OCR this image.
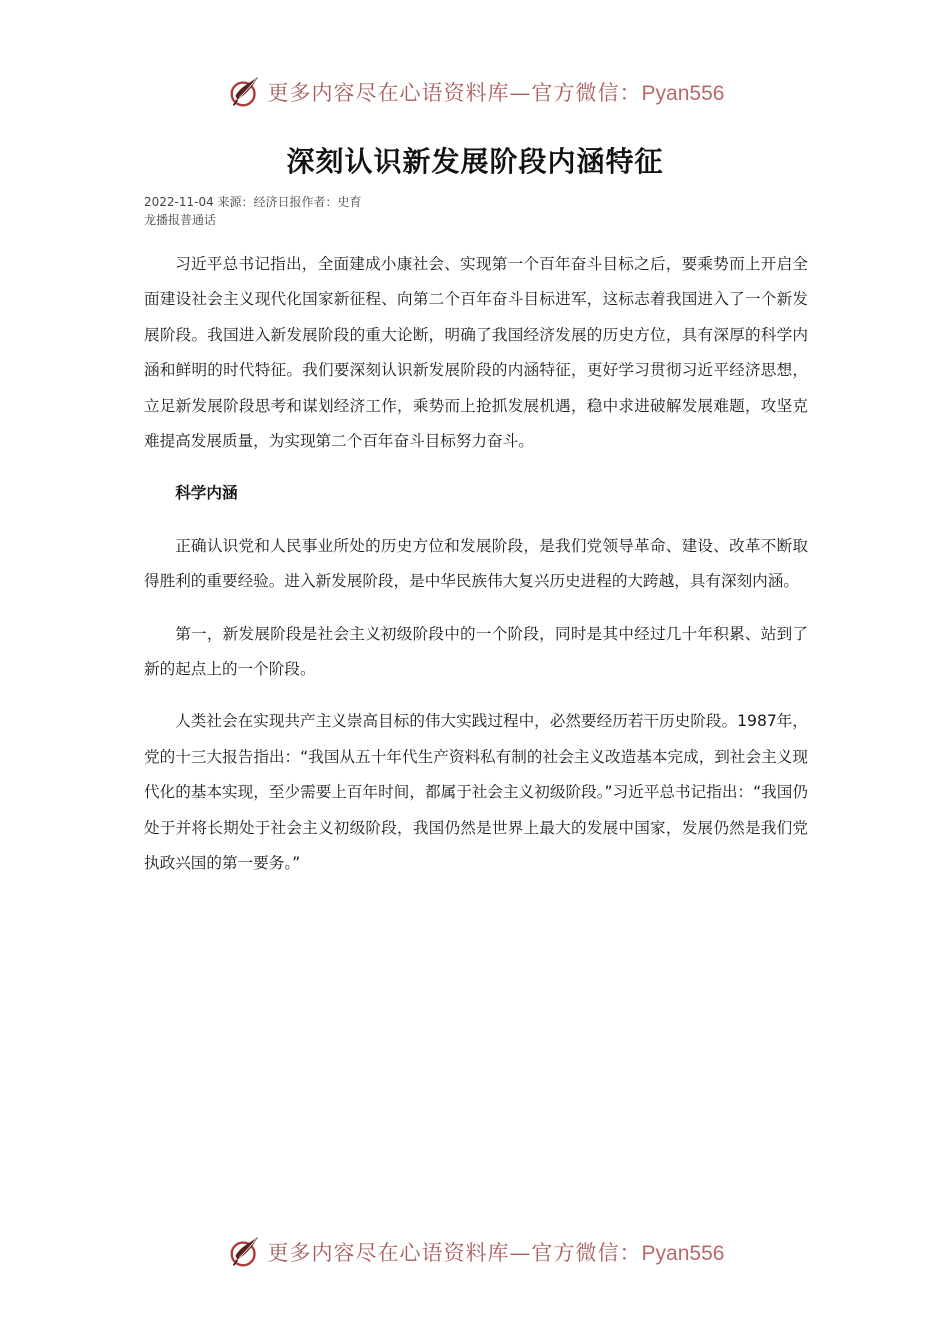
更多内容尽在心语资料库—官方微信：Pyan556
深刻认识新发展阶段内涵特征
2022-11-04 来源：经济日报作者：史育
龙播报普通话

习近平总书记指出，全面建成小康社会、实现第一个百年奋斗目标之后，要乘势而上开启全面建设社会主义现代化国家新征程、向第二个百年奋斗目标进军，这标志着我国进入了一个新发展阶段。我国进入新发展阶段的重大论断，明确了我国经济发展的历史方位，具有深厚的科学内涵和鲜明的时代特征。我们要深刻认识新发展阶段的内涵特征，更好学习贯彻习近平经济思想，立足新发展阶段思考和谋划经济工作，乘势而上抢抓发展机遇，稳中求进破解发展难题，攻坚克难提高发展质量，为实现第二个百年奋斗目标努力奋斗。

科学内涵

正确认识党和人民事业所处的历史方位和发展阶段，是我们党领导革命、建设、改革不断取得胜利的重要经验。进入新发展阶段，是中华民族伟大复兴历史进程的大跨越，具有深刻内涵。

第一，新发展阶段是社会主义初级阶段中的一个阶段，同时是其中经过几十年积累、站到了新的起点上的一个阶段。

人类社会在实现共产主义崇高目标的伟大实践过程中，必然要经历若干历史阶段。1987年，党的十三大报告指出：“我国从五十年代生产资料私有制的社会主义改造基本完成，到社会主义现代化的基本实现，至少需要上百年时间，都属于社会主义初级阶段。”习近平总书记指出：“我国仍处于并将长期处于社会主义初级阶段，我国仍然是世界上最大的发展中国家，发展仍然是我们党执政兴国的第一要务。”

更多内容尽在心语资料库—官方微信：Pyan556
